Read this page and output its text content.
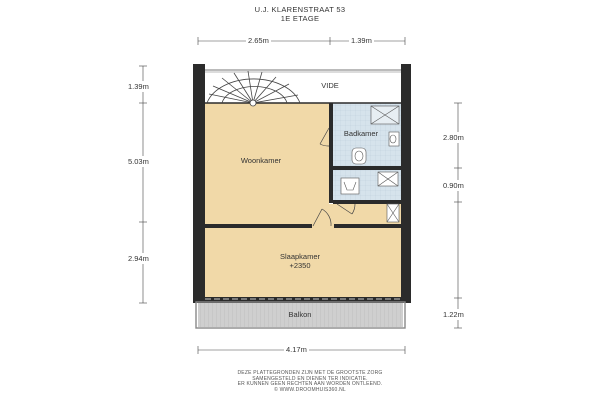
U.J. KLARENSTRAAT 53
1E ETAGE
VIDE
Badkamer
Woonkamer
Slaapkamer
+2350
Balkon
2.65m	1.39m
1.39m
5.03m
2.94m
2.80m
0.90m
1.22m
4.17m
DEZE PLATTEGRONDEN ZIJN MET DE GROOTSTE ZORG
SAMENGESTELD EN DIENEN TER INDICATIE.
ER KUNNEN GEEN RECHTEN AAN WORDEN ONTLEEND.
© WWW.DROOMHUIS360.NL
